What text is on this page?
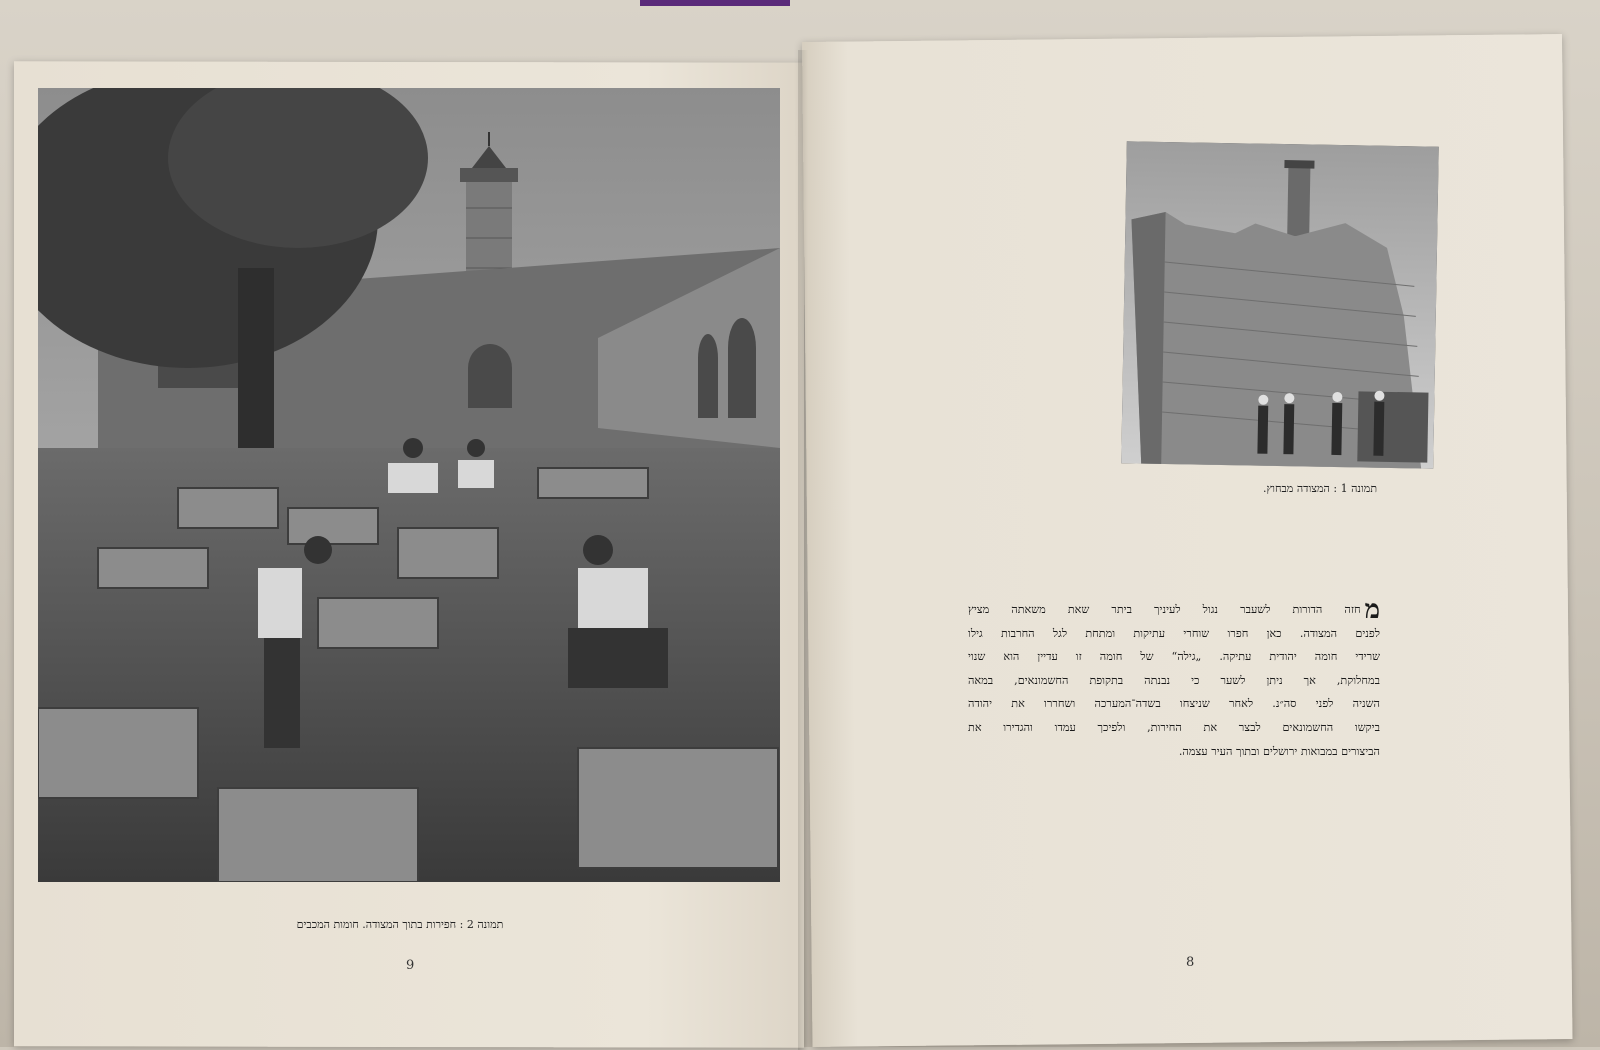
תמונה 2 : חפירות בתוך המצודה. חומות המכבים
9
תמונה 1 : המצודה מבחוץ.
מ
חזה הדורות לשעבר נגול לעיניך ביתר שאת משאתה מציץ
לפנים המצודה. כאן חפרו שוחרי עתיקות ומתחת לגל החרבות גילו
שרידי חומה יהודית עתיקה. „גילה“ של חומה זו עדיין הוא שנוי
במחלוקת, אך ניתן לשער כי נבנתה בתקופת החשמונאים, במאה
השניה לפני סה״נ. לאחר שניצחו בשדה־המערכה ושחררו את יהודה
ביקשו החשמונאים לבצר את החירות, ולפיכך עמדו והגדירו את
הביצורים במבואות ירושלים ובתוך העיר עצמה.
8
